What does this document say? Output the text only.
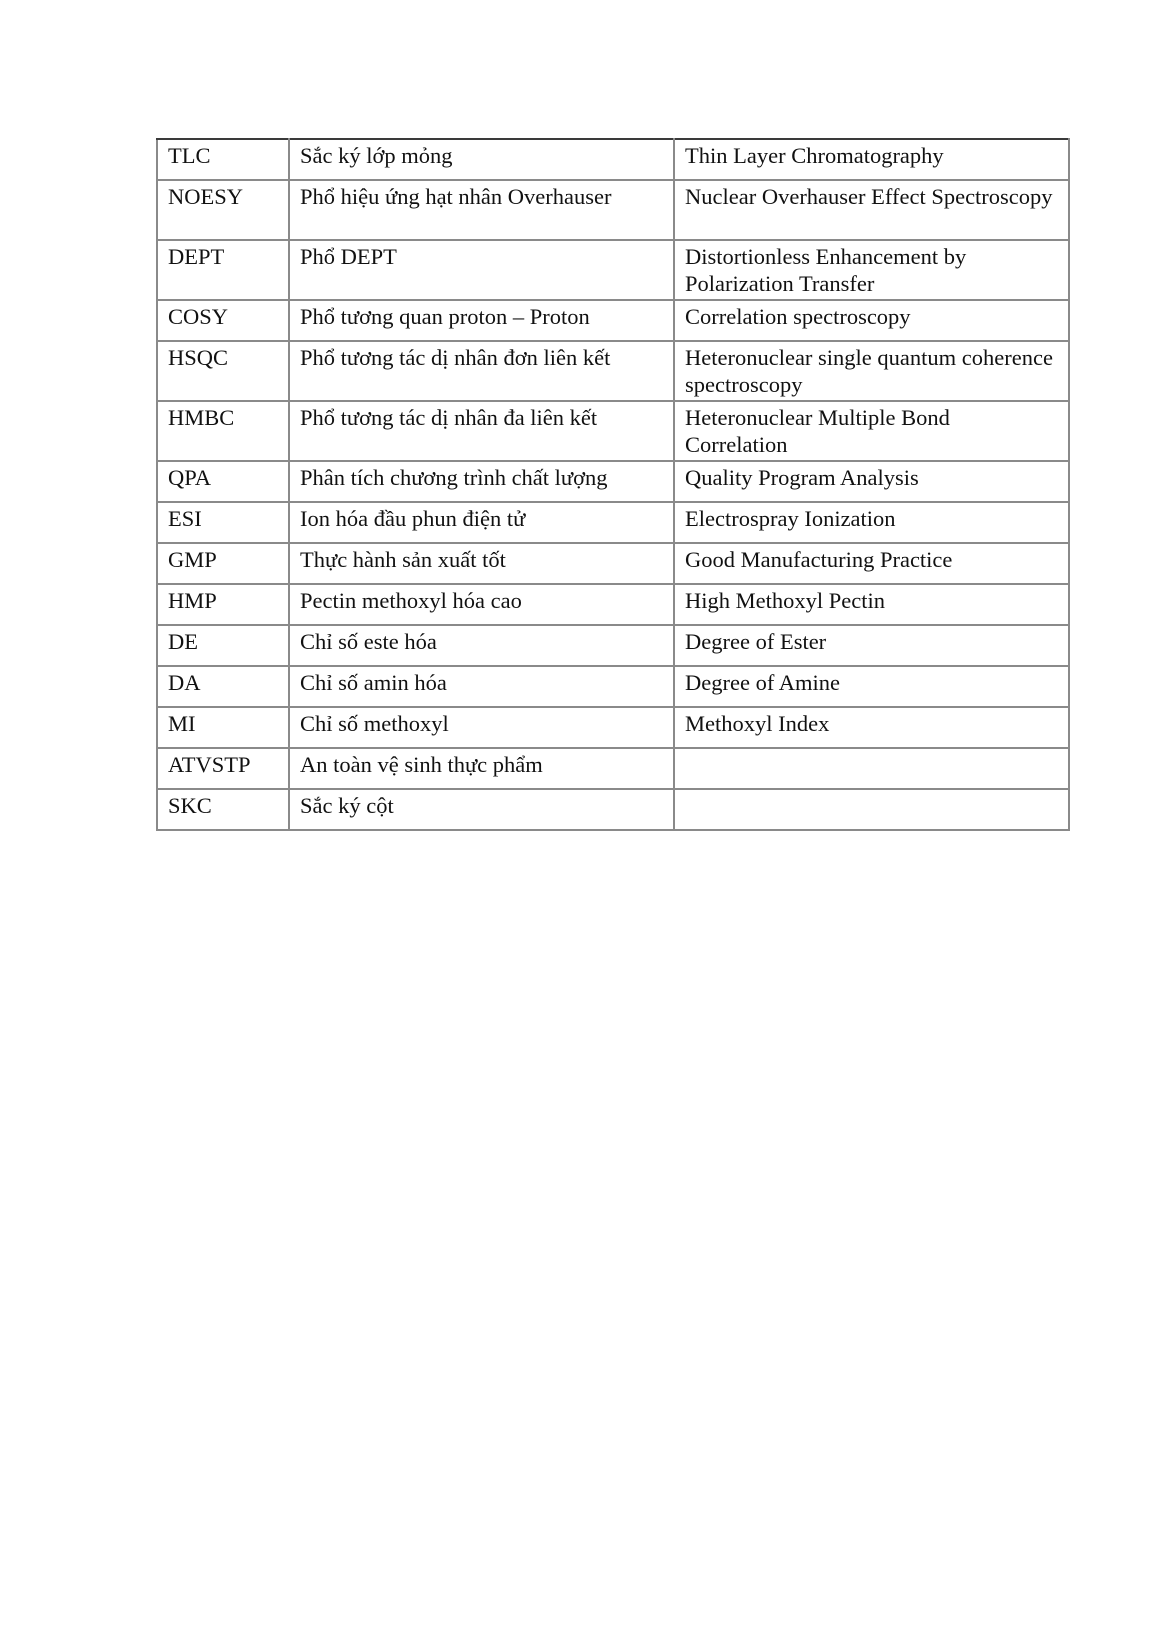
TLC	Sắc ký lớp mỏng	Thin Layer Chromatography
NOESY	Phổ hiệu ứng hạt nhân Overhauser	Nuclear Overhauser Effect Spectroscopy
DEPT	Phổ DEPT	Distortionless Enhancement by Polarization Transfer
COSY	Phổ tương quan proton – Proton	Correlation spectroscopy
HSQC	Phổ tương tác dị nhân đơn liên kết	Heteronuclear single quantum coherence spectroscopy
HMBC	Phổ tương tác dị nhân đa liên kết	Heteronuclear Multiple Bond Correlation
QPA	Phân tích chương trình chất lượng	Quality Program Analysis
ESI	Ion hóa đầu phun điện tử	Electrospray Ionization
GMP	Thực hành sản xuất tốt	Good Manufacturing Practice
HMP	Pectin methoxyl hóa cao	High Methoxyl Pectin
DE	Chỉ số este hóa	Degree of Ester
DA	Chỉ số amin hóa	Degree of Amine
MI	Chỉ số methoxyl	Methoxyl Index
ATVSTP	An toàn vệ sinh thực phẩm	
SKC	Sắc ký cột	
